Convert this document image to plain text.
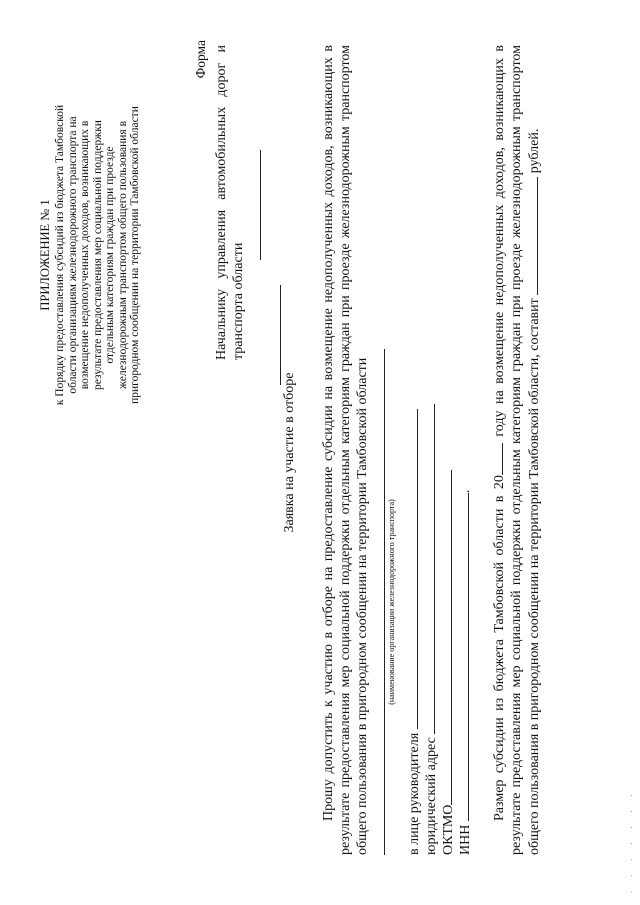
ПРИЛОЖЕНИЕ № 1 к Порядку предоставления субсидий из бюджета Тамбовской области организациям железнодорожного транспорта на возмещение недополученных доходов, возникающих в результате предоставления мер социальной поддержки отдельным категориям граждан при проезде железнодорожным транспортом общего пользования в пригородном сообщении на территории Тамбовской области
Форма Начальнику управления автомобильных дорог и транспорта области
Заявка на участие в отборе Прошу допустить к участию в отборе на предоставление субсидии на возмещение недополученных доходов, возникающих в результате предоставления мер социальной поддержки отдельным категориям граждан при проезде железнодорожным транспортом общего пользования в пригородном сообщении на территории Тамбовской области (наименование организации железнодорожного транспорта)
в лице руководителя юридический адрес ОКТМО ИНН . Размер субсидии из бюджета Тамбовской области в 20 году на возмещение недополученных доходов, возникающих в результате предоставления мер социальной поддержки отдельным категориям граждан при проезде железнодорожным транспортом общего пользования в пригородном сообщении на территории Тамбовской области, составит  рублей.
· · · · · · ·
